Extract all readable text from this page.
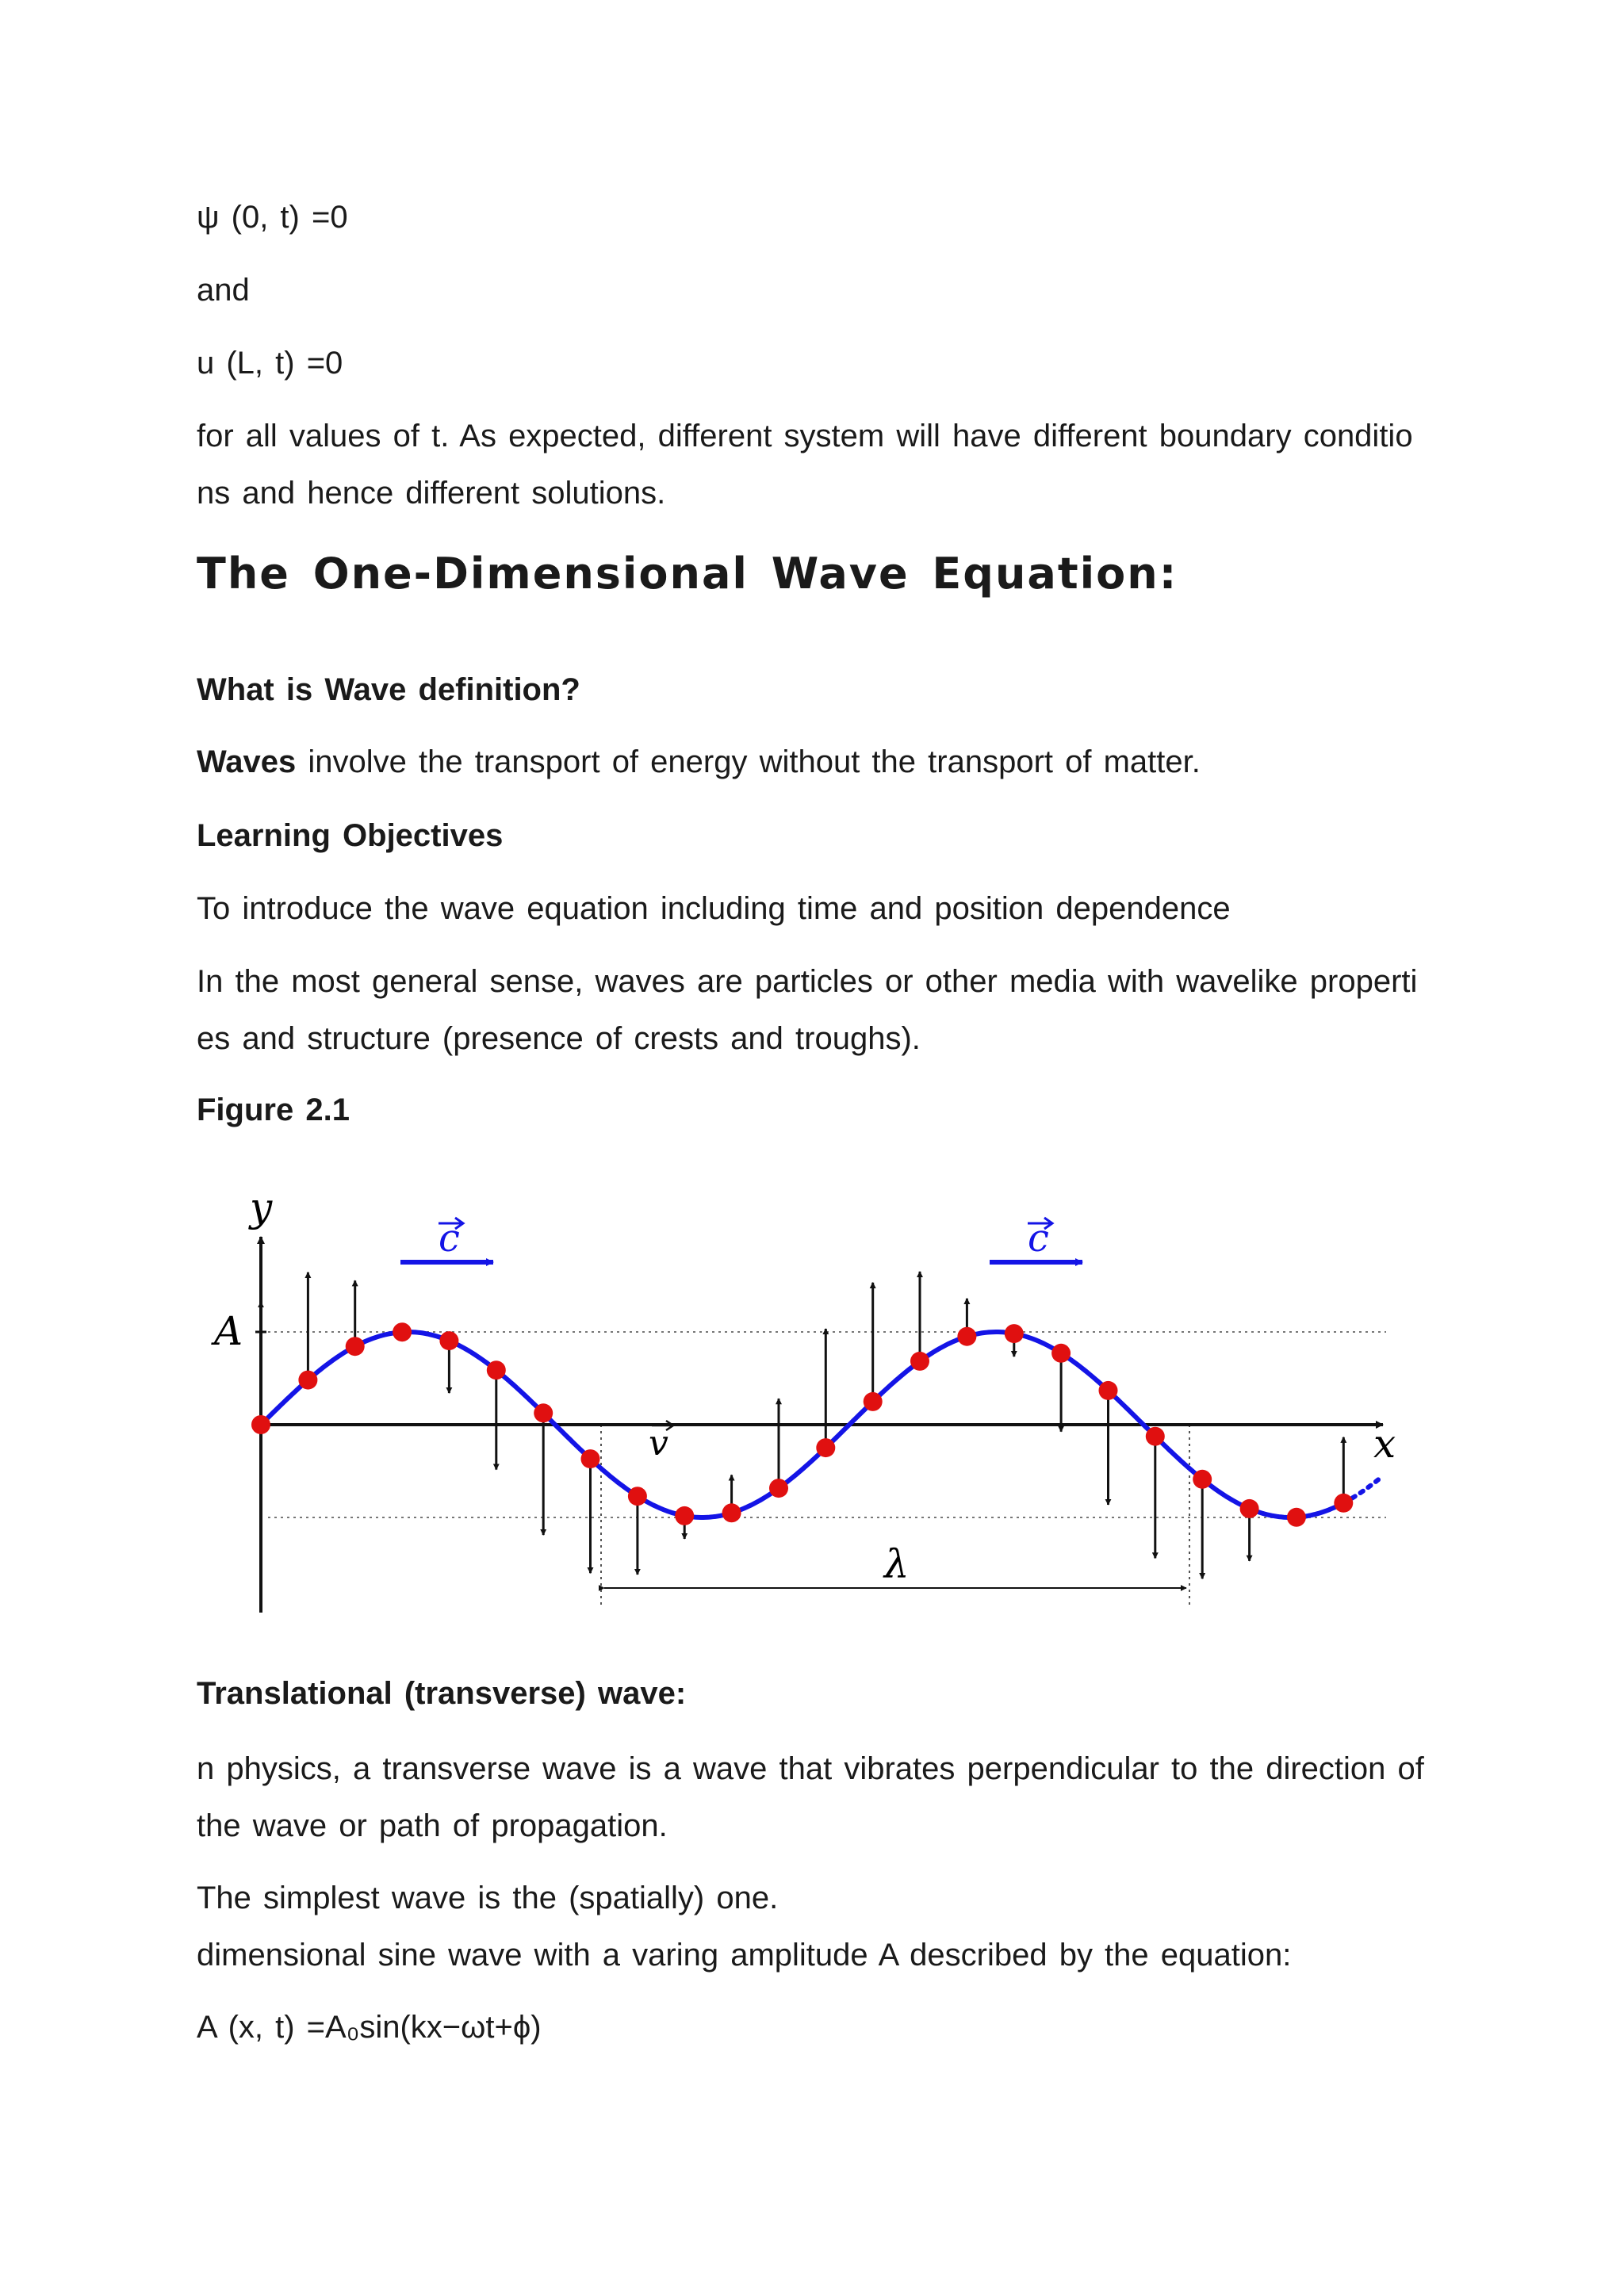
ψ (0, t) =0
and
u (L, t) =0
for all values of t. As expected, different system will have different boundary conditio
ns and hence different solutions.
The One-Dimensional Wave Equation:
What is Wave definition?
Waves involve the transport of energy without the transport of matter.
Learning Objectives
To introduce the wave equation including time and position dependence
In the most general sense, waves are particles or other media with wavelike properti
es and structure (presence of crests and troughs).
Figure 2.1
y
x
A
c	c
v
λ
Translational (transverse) wave:
n physics, a transverse wave is a wave that vibrates perpendicular to the direction of
the wave or path of propagation.
The simplest wave is the (spatially) one.
dimensional sine wave with a varing amplitude A described by the equation:
A (x, t) =A₀sin(kx−ωt+ϕ)
